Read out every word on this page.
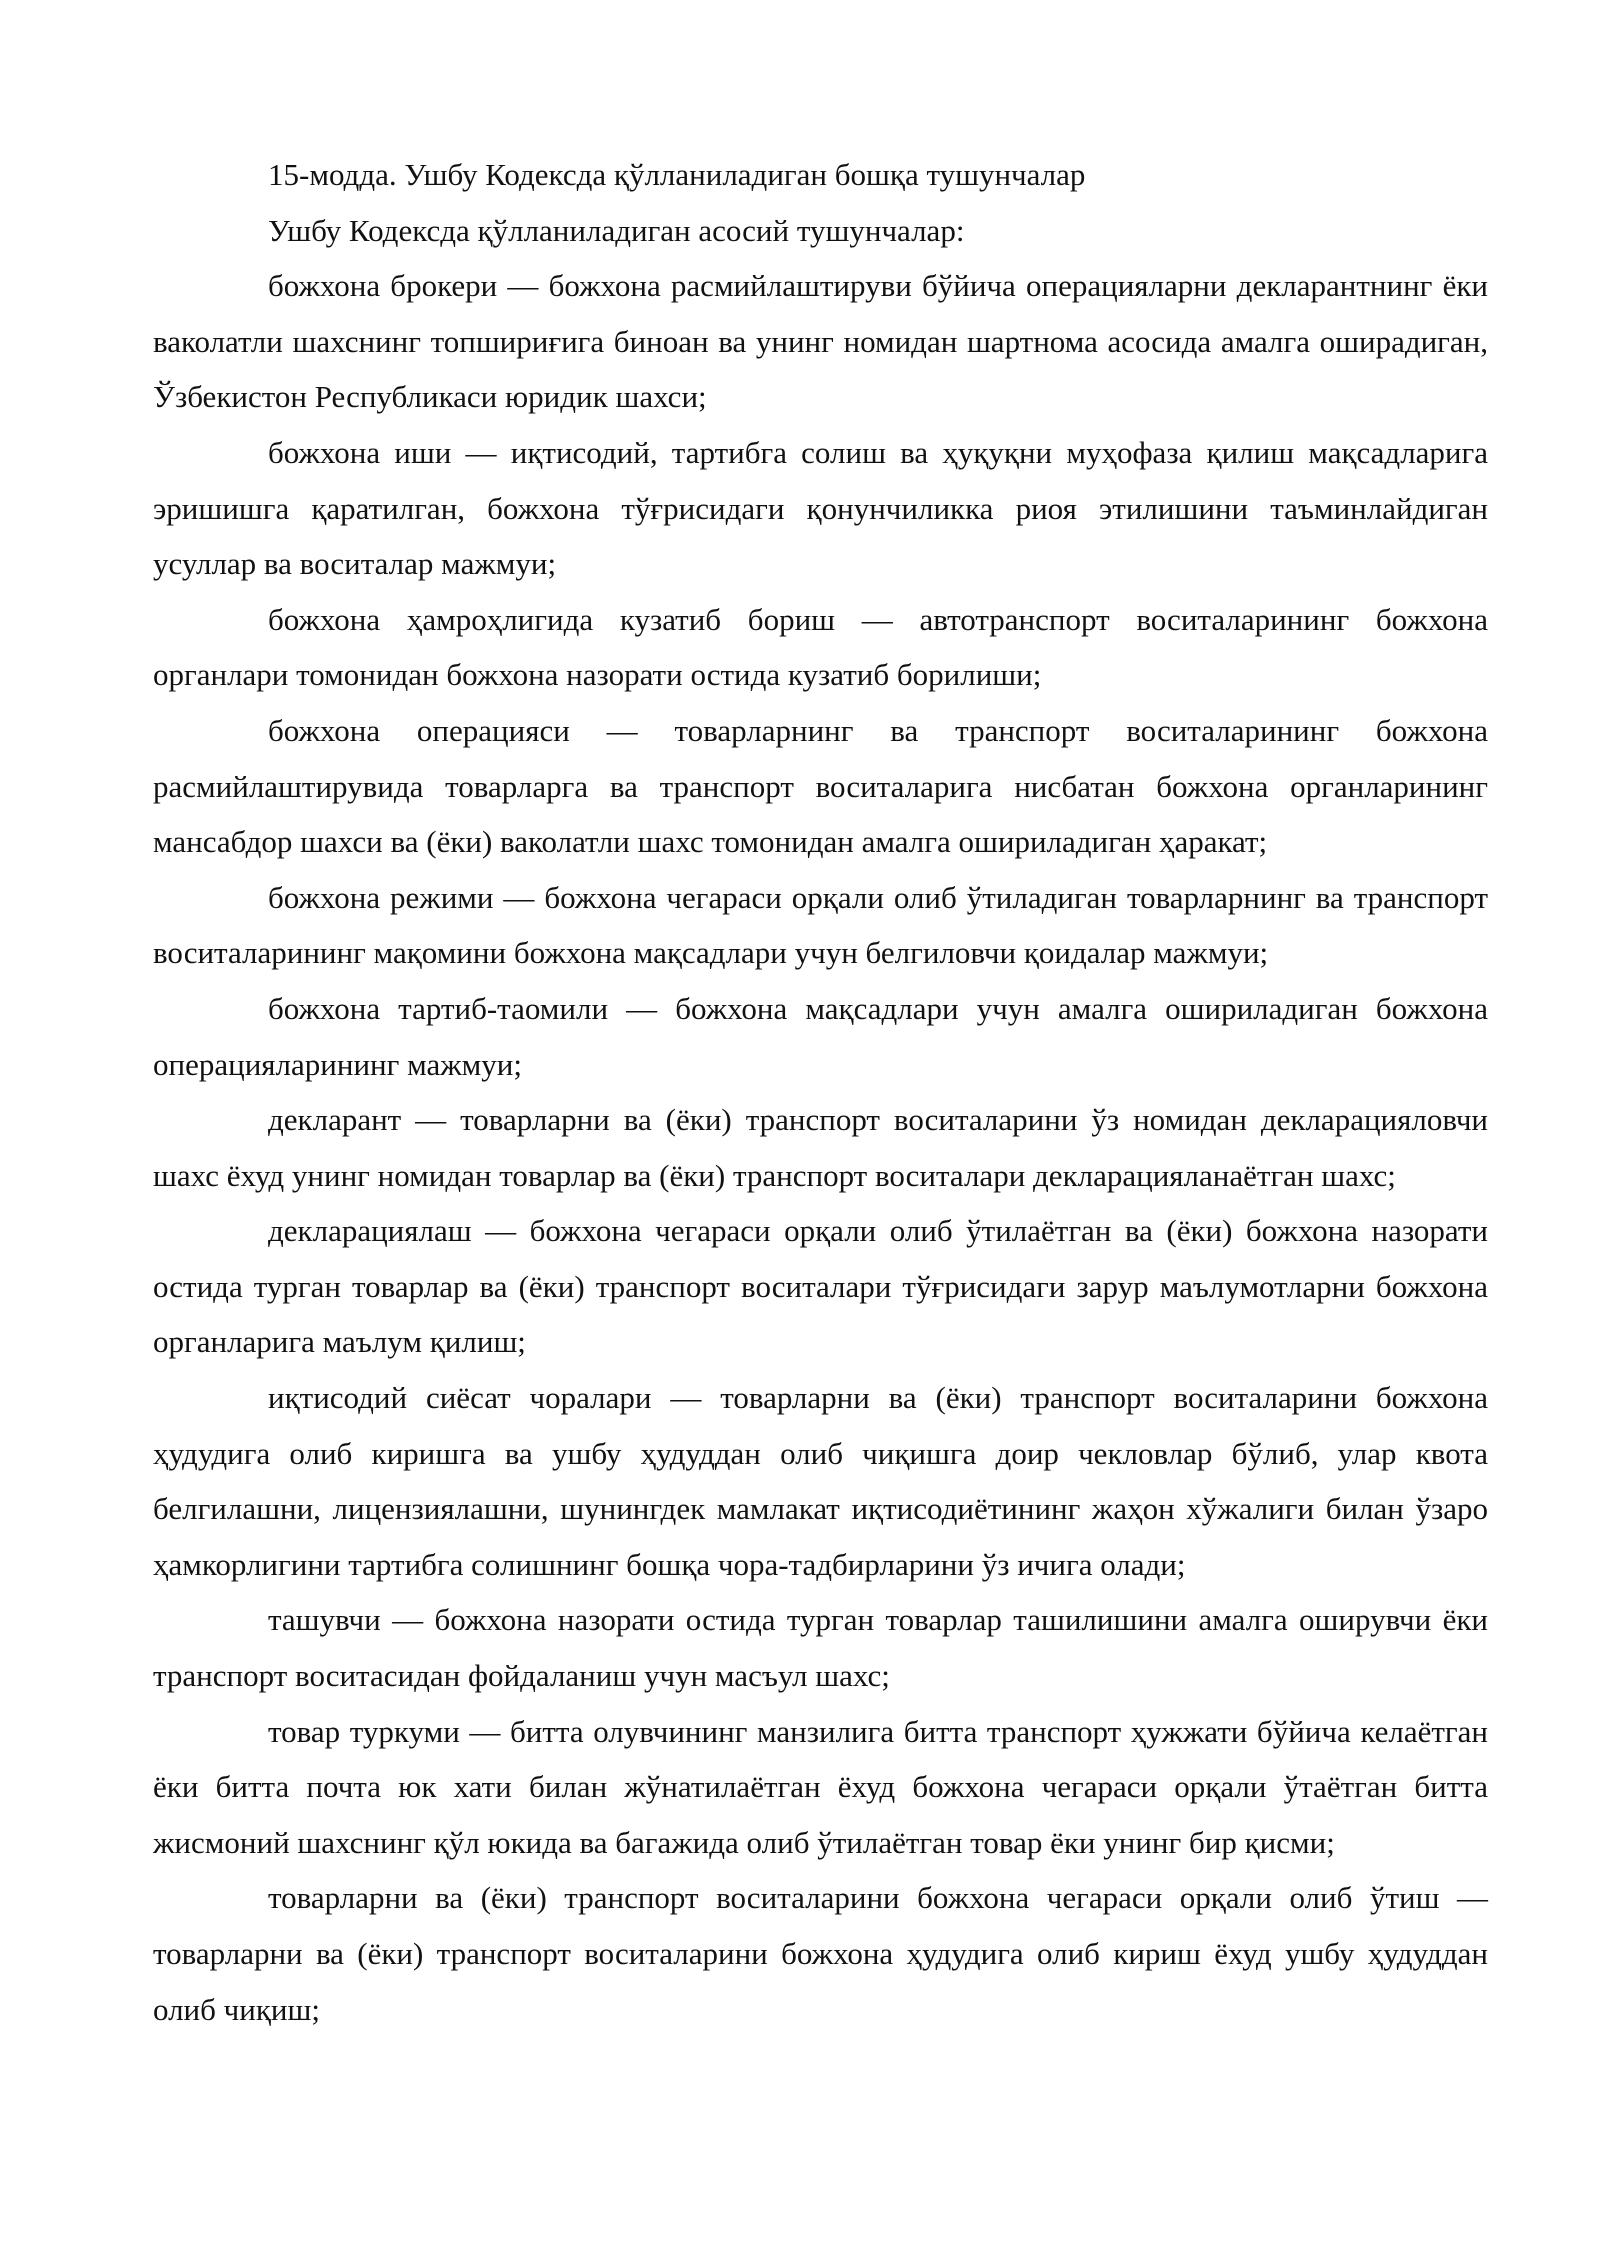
15-модда. Ушбу Кодексда қўлланиладиган бошқа тушунчалар

Ушбу Кодексда қўлланиладиган асосий тушунчалар:

божхона брокери — божхона расмийлаштируви бўйича операцияларни декларантнинг ёки ваколатли шахснинг топшириғига биноан ва унинг номидан шартнома асосида амалга оширадиган, Ўзбекистон Республикаси юридик шахси;

божхона иши — иқтисодий, тартибга солиш ва ҳуқуқни муҳофаза қилиш мақсадларига эришишга қаратилган, божхона тўғрисидаги қонунчиликка риоя этилишини таъминлайдиган усуллар ва воситалар мажмуи;

божхона ҳамроҳлигида кузатиб бориш — автотранспорт воситаларининг божхона органлари томонидан божхона назорати остида кузатиб борилиши;

божхона операцияси — товарларнинг ва транспорт воситаларининг божхона расмийлаштирувида товарларга ва транспорт воситаларига нисбатан божхона органларининг мансабдор шахси ва (ёки) ваколатли шахс томонидан амалга ошириладиган ҳаракат;

божхона режими — божхона чегараси орқали олиб ўтиладиган товарларнинг ва транспорт воситаларининг мақомини божхона мақсадлари учун белгиловчи қоидалар мажмуи;

божхона тартиб-таомили — божхона мақсадлари учун амалга ошириладиган божхона операцияларининг мажмуи;

декларант — товарларни ва (ёки) транспорт воситаларини ўз номидан декларацияловчи шахс ёхуд унинг номидан товарлар ва (ёки) транспорт воситалари декларацияланаётган шахс;

декларациялаш — божхона чегараси орқали олиб ўтилаётган ва (ёки) божхона назорати остида турган товарлар ва (ёки) транспорт воситалари тўғрисидаги зарур маълумотларни божхона органларига маълум қилиш;

иқтисодий сиёсат чоралари — товарларни ва (ёки) транспорт воситаларини божхона ҳудудига олиб киришга ва ушбу ҳудуддан олиб чиқишга доир чекловлар бўлиб, улар квота белгилашни, лицензиялашни, шунингдек мамлакат иқтисодиётининг жаҳон хўжалиги билан ўзаро ҳамкорлигини тартибга солишнинг бошқа чора-тадбирларини ўз ичига олади;

ташувчи — божхона назорати остида турган товарлар ташилишини амалга оширувчи ёки транспорт воситасидан фойдаланиш учун масъул шахс;

товар туркуми — битта олувчининг манзилига битта транспорт ҳужжати бўйича келаётган ёки битта почта юк хати билан жўнатилаётган ёхуд божхона чегараси орқали ўтаётган битта жисмоний шахснинг қўл юкида ва багажида олиб ўтилаётган товар ёки унинг бир қисми;

товарларни ва (ёки) транспорт воситаларини божхона чегараси орқали олиб ўтиш — товарларни ва (ёки) транспорт воситаларини божхона ҳудудига олиб кириш ёхуд ушбу ҳудуддан олиб чиқиш;
